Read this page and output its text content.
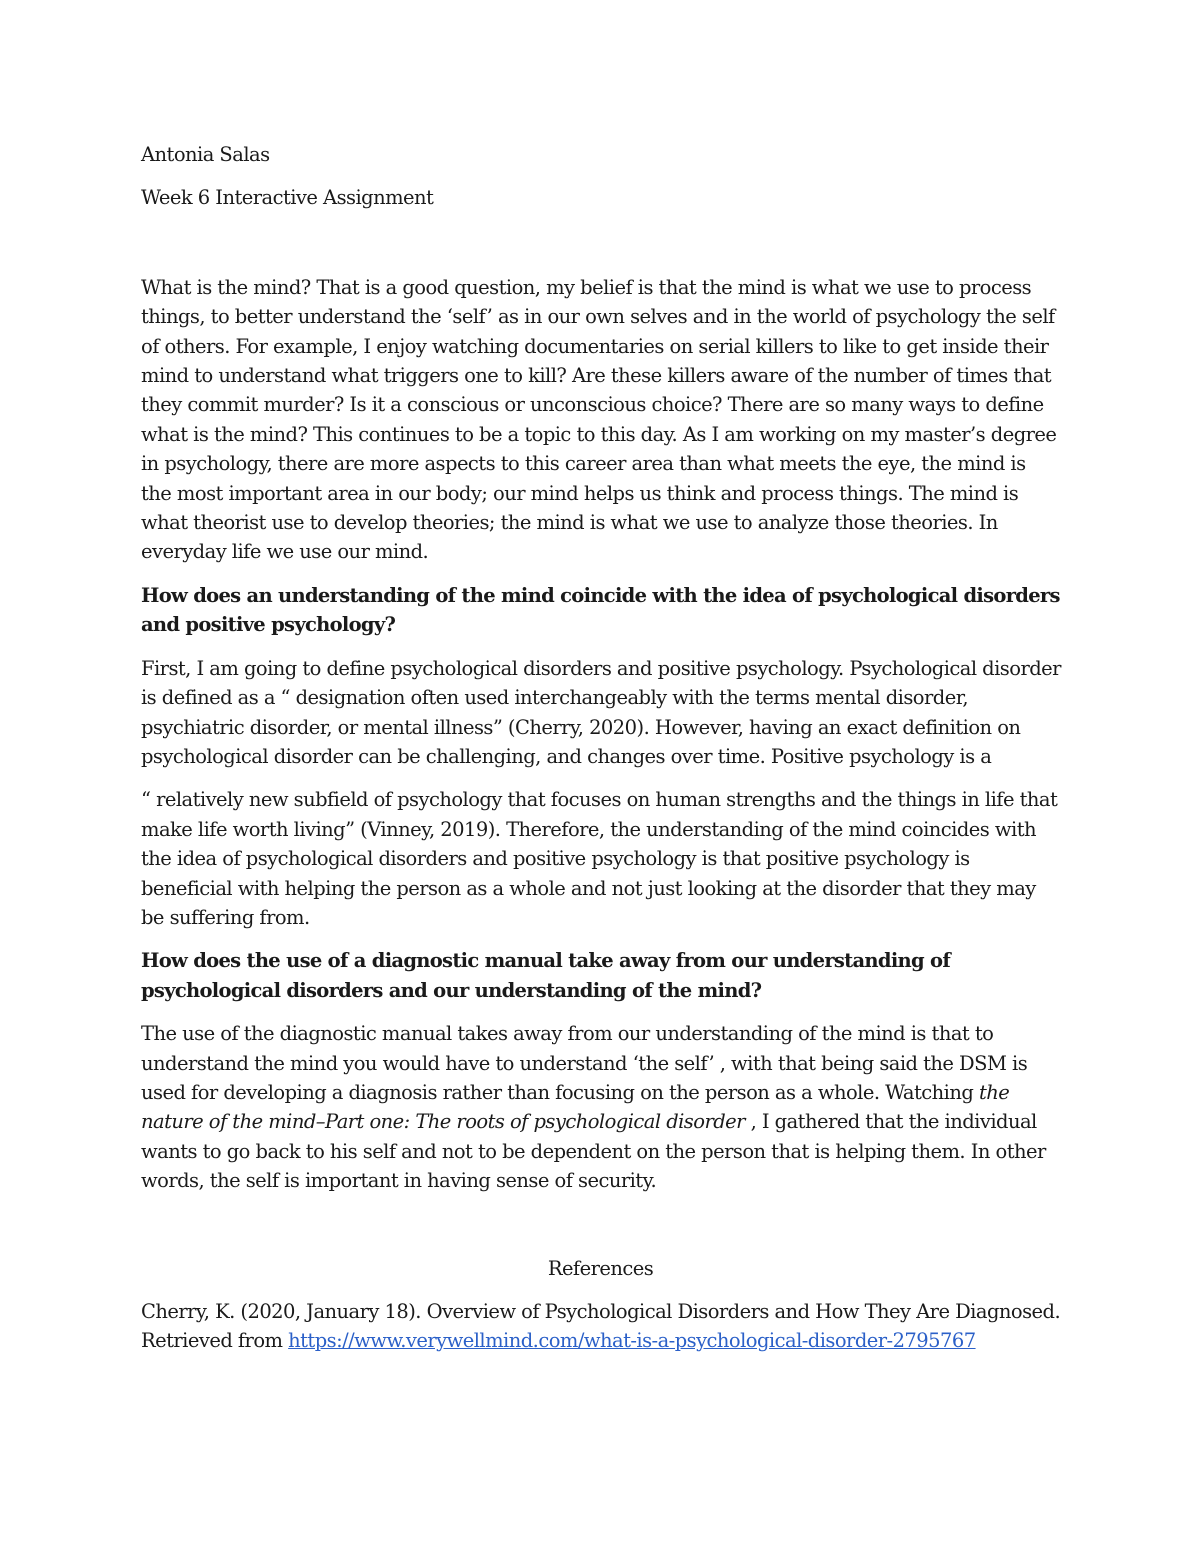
Antonia Salas
Week 6 Interactive Assignment

What is the mind? That is a good question, my belief is that the mind is what we use to process things, to better understand the ‘self’ as in our own selves and in the world of psychology the self of others. For example, I enjoy watching documentaries on serial killers to like to get inside their mind to understand what triggers one to kill? Are these killers aware of the number of times that they commit murder? Is it a conscious or unconscious choice? There are so many ways to define what is the mind? This continues to be a topic to this day. As I am working on my master’s degree in psychology, there are more aspects to this career area than what meets the eye, the mind is the most important area in our body; our mind helps us think and process things. The mind is what theorist use to develop theories; the mind is what we use to analyze those theories. In everyday life we use our mind.

How does an understanding of the mind coincide with the idea of psychological disorders and positive psychology?

First, I am going to define psychological disorders and positive psychology. Psychological disorder is defined as a “ designation often used interchangeably with the terms mental disorder, psychiatric disorder, or mental illness” (Cherry, 2020). However, having an exact definition on psychological disorder can be challenging, and changes over time. Positive psychology is a

“ relatively new subfield of psychology that focuses on human strengths and the things in life that make life worth living” (Vinney, 2019). Therefore, the understanding of the mind coincides with the idea of psychological disorders and positive psychology is that positive psychology is beneficial with helping the person as a whole and not just looking at the disorder that they may be suffering from.

How does the use of a diagnostic manual take away from our understanding of psychological disorders and our understanding of the mind?

The use of the diagnostic manual takes away from our understanding of the mind is that to understand the mind you would have to understand ‘the self’ , with that being said the DSM is used for developing a diagnosis rather than focusing on the person as a whole. Watching the nature of the mind–Part one: The roots of psychological disorder , I gathered that the individual wants to go back to his self and not to be dependent on the person that is helping them. In other words, the self is important in having sense of security.

References

Cherry, K. (2020, January 18). Overview of Psychological Disorders and How They Are Diagnosed. Retrieved from https://www.verywellmind.com/what-is-a-psychological-disorder-2795767
